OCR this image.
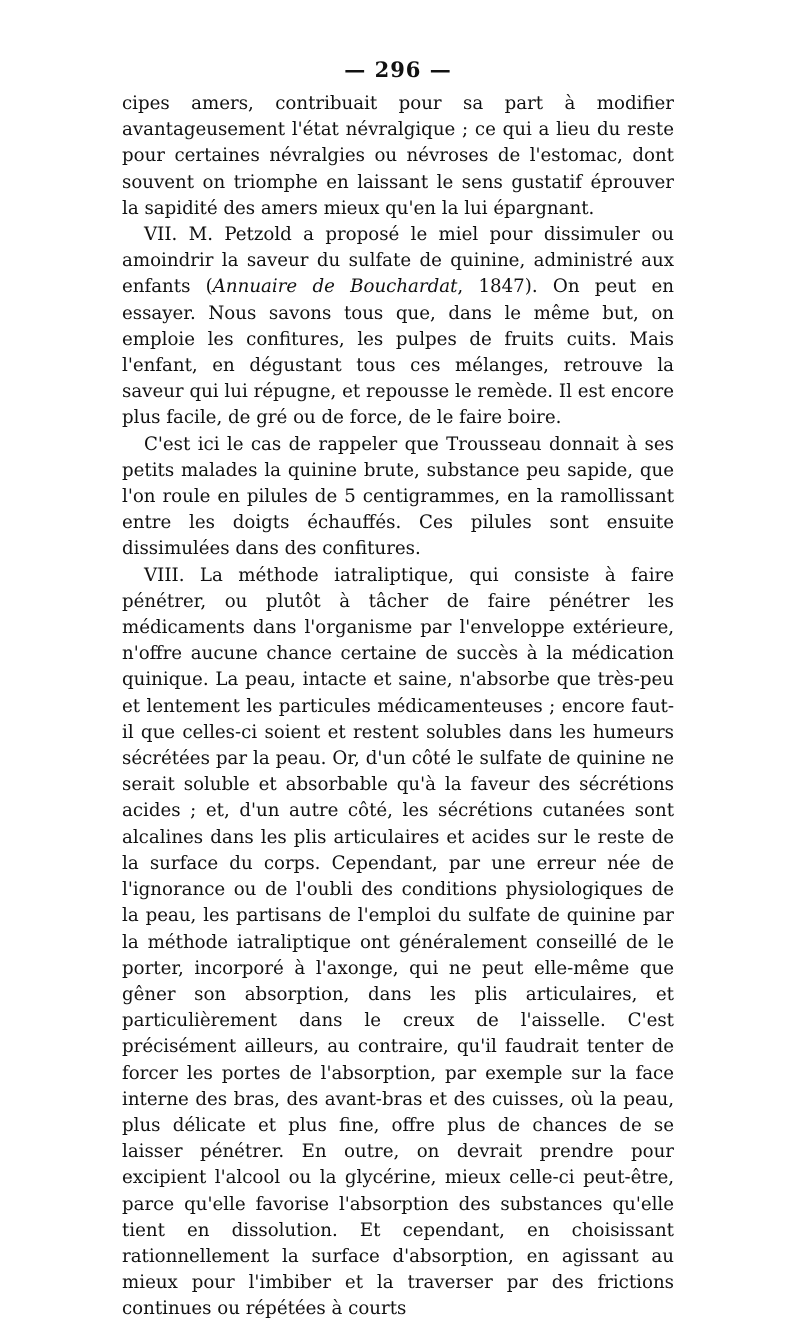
— 296 —

cipes amers, contribuait pour sa part à modifier avantageusement l'état névralgique ; ce qui a lieu du reste pour certaines névralgies ou névroses de l'estomac, dont souvent on triomphe en laissant le sens gustatif éprouver la sapidité des amers mieux qu'en la lui épargnant.

VII. M. Petzold a proposé le miel pour dissimuler ou amoindrir la saveur du sulfate de quinine, administré aux enfants (Annuaire de Bouchardat, 1847). On peut en essayer. Nous savons tous que, dans le même but, on emploie les confitures, les pulpes de fruits cuits. Mais l'enfant, en dégustant tous ces mélanges, retrouve la saveur qui lui répugne, et repousse le remède. Il est encore plus facile, de gré ou de force, de le faire boire.

C'est ici le cas de rappeler que Trousseau donnait à ses petits malades la quinine brute, substance peu sapide, que l'on roule en pilules de 5 centigrammes, en la ramollissant entre les doigts échauffés. Ces pilules sont ensuite dissimulées dans des confitures.

VIII. La méthode iatraliptique, qui consiste à faire pénétrer, ou plutôt à tâcher de faire pénétrer les médicaments dans l'organisme par l'enveloppe extérieure, n'offre aucune chance certaine de succès à la médication quinique. La peau, intacte et saine, n'absorbe que très-peu et lentement les particules médicamenteuses ; encore faut-il que celles-ci soient et restent solubles dans les humeurs sécrétées par la peau. Or, d'un côté le sulfate de quinine ne serait soluble et absorbable qu'à la faveur des sécrétions acides ; et, d'un autre côté, les sécrétions cutanées sont alcalines dans les plis articulaires et acides sur le reste de la surface du corps. Cependant, par une erreur née de l'ignorance ou de l'oubli des conditions physiologiques de la peau, les partisans de l'emploi du sulfate de quinine par la méthode iatraliptique ont généralement conseillé de le porter, incorporé à l'axonge, qui ne peut elle-même que gêner son absorption, dans les plis articulaires, et particulièrement dans le creux de l'aisselle. C'est précisément ailleurs, au contraire, qu'il faudrait tenter de forcer les portes de l'absorption, par exemple sur la face interne des bras, des avant-bras et des cuisses, où la peau, plus délicate et plus fine, offre plus de chances de se laisser pénétrer. En outre, on devrait prendre pour excipient l'alcool ou la glycérine, mieux celle-ci peut-être, parce qu'elle favorise l'absorption des substances qu'elle tient en dissolution. Et cependant, en choisissant rationnellement la surface d'absorption, en agissant au mieux pour l'imbiber et la traverser par des frictions continues ou répétées à courts
